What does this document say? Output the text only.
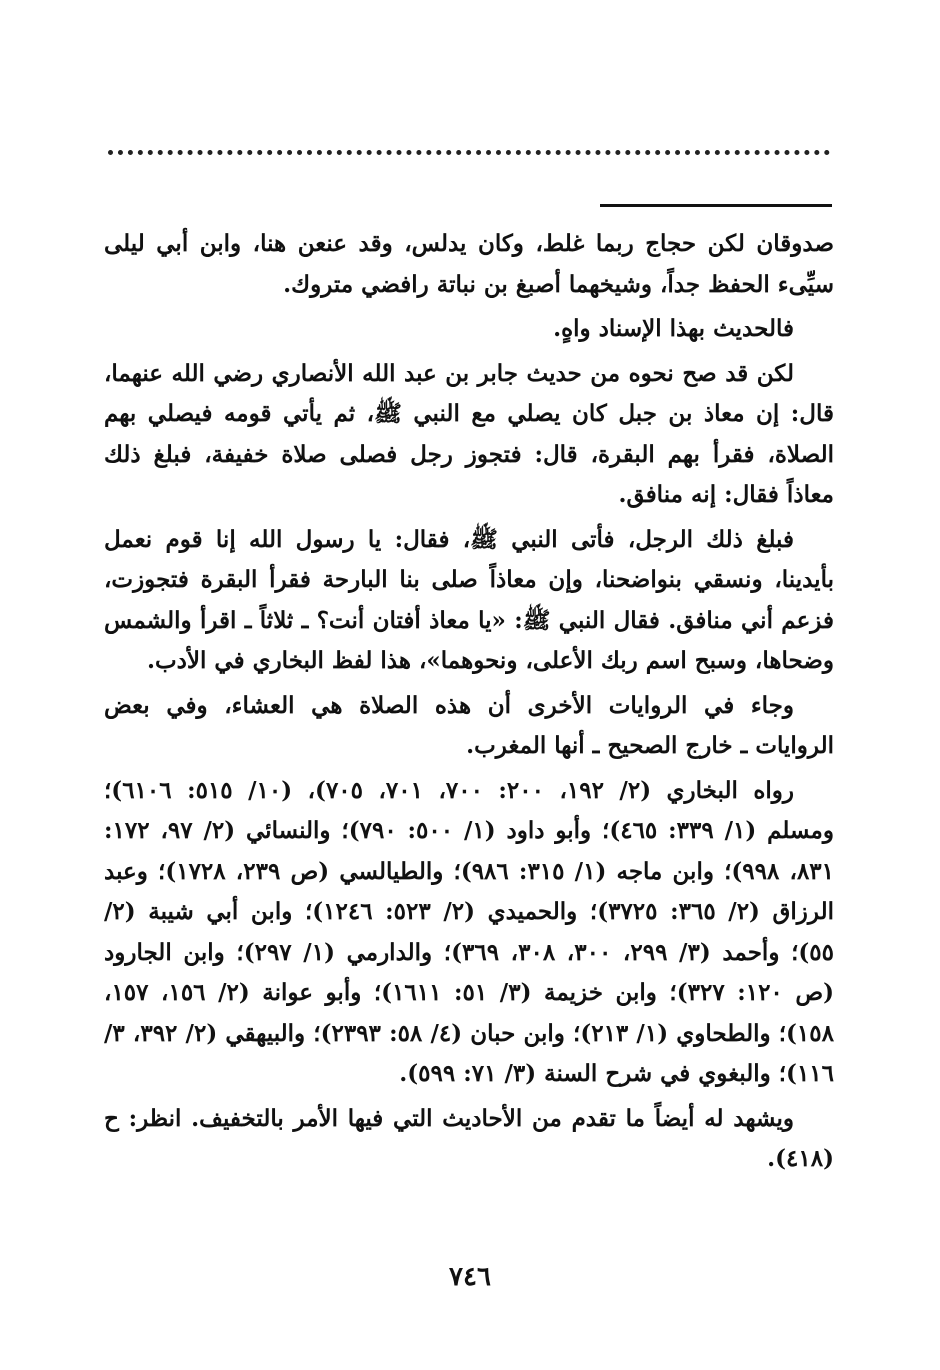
صدوقان لكن حجاج ربما غلط، وكان يدلس، وقد عنعن هنا، وابن أبي ليلى سيِّىء الحفظ جداً، وشيخهما أصبغ بن نباتة رافضي متروك.

فالحديث بهذا الإسناد واهٍ.

لكن قد صح نحوه من حديث جابر بن عبد الله الأنصاري رضي الله عنهما، قال: إن معاذ بن جبل كان يصلي مع النبي ﷺ، ثم يأتي قومه فيصلي بهم الصلاة، فقرأ بهم البقرة، قال: فتجوز رجل فصلى صلاة خفيفة، فبلغ ذلك معاذاً فقال: إنه منافق.

فبلغ ذلك الرجل، فأتى النبي ﷺ، فقال: يا رسول الله إنا قوم نعمل بأيدينا، ونسقي بنواضحنا، وإن معاذاً صلى بنا البارحة فقرأ البقرة فتجوزت، فزعم أني منافق. فقال النبي ﷺ: «يا معاذ أفتان أنت؟ ـ ثلاثاً ـ اقرأ والشمس وضحاها، وسبح اسم ربك الأعلى، ونحوهما»، هذا لفظ البخاري في الأدب.

وجاء في الروايات الأخرى أن هذه الصلاة هي العشاء، وفي بعض الروايات ـ خارج الصحيح ـ أنها المغرب.

رواه البخاري (٢/ ١٩٢، ٢٠٠: ٧٠٠، ٧٠١، ٧٠٥)، (١٠/ ٥١٥: ٦١٠٦)؛ ومسلم (١/ ٣٣٩: ٤٦٥)؛ وأبو داود (١/ ٥٠٠: ٧٩٠)؛ والنسائي (٢/ ٩٧، ١٧٢: ٨٣١، ٩٩٨)؛ وابن ماجه (١/ ٣١٥: ٩٨٦)؛ والطيالسي (ص ٢٣٩، ١٧٢٨)؛ وعبد الرزاق (٢/ ٣٦٥: ٣٧٢٥)؛ والحميدي (٢/ ٥٢٣: ١٢٤٦)؛ وابن أبي شيبة (٢/ ٥٥)؛ وأحمد (٣/ ٢٩٩، ٣٠٠، ٣٠٨، ٣٦٩)؛ والدارمي (١/ ٢٩٧)؛ وابن الجارود (ص ١٢٠: ٣٢٧)؛ وابن خزيمة (٣/ ٥١: ١٦١١)؛ وأبو عوانة (٢/ ١٥٦، ١٥٧، ١٥٨)؛ والطحاوي (١/ ٢١٣)؛ وابن حبان (٤/ ٥٨: ٢٣٩٣)؛ والبيهقي (٢/ ٣٩٢، ٣/ ١١٦)؛ والبغوي في شرح السنة (٣/ ٧١: ٥٩٩).

ويشهد له أيضاً ما تقدم من الأحاديث التي فيها الأمر بالتخفيف. انظر: ح (٤١٨).

٧٤٦
